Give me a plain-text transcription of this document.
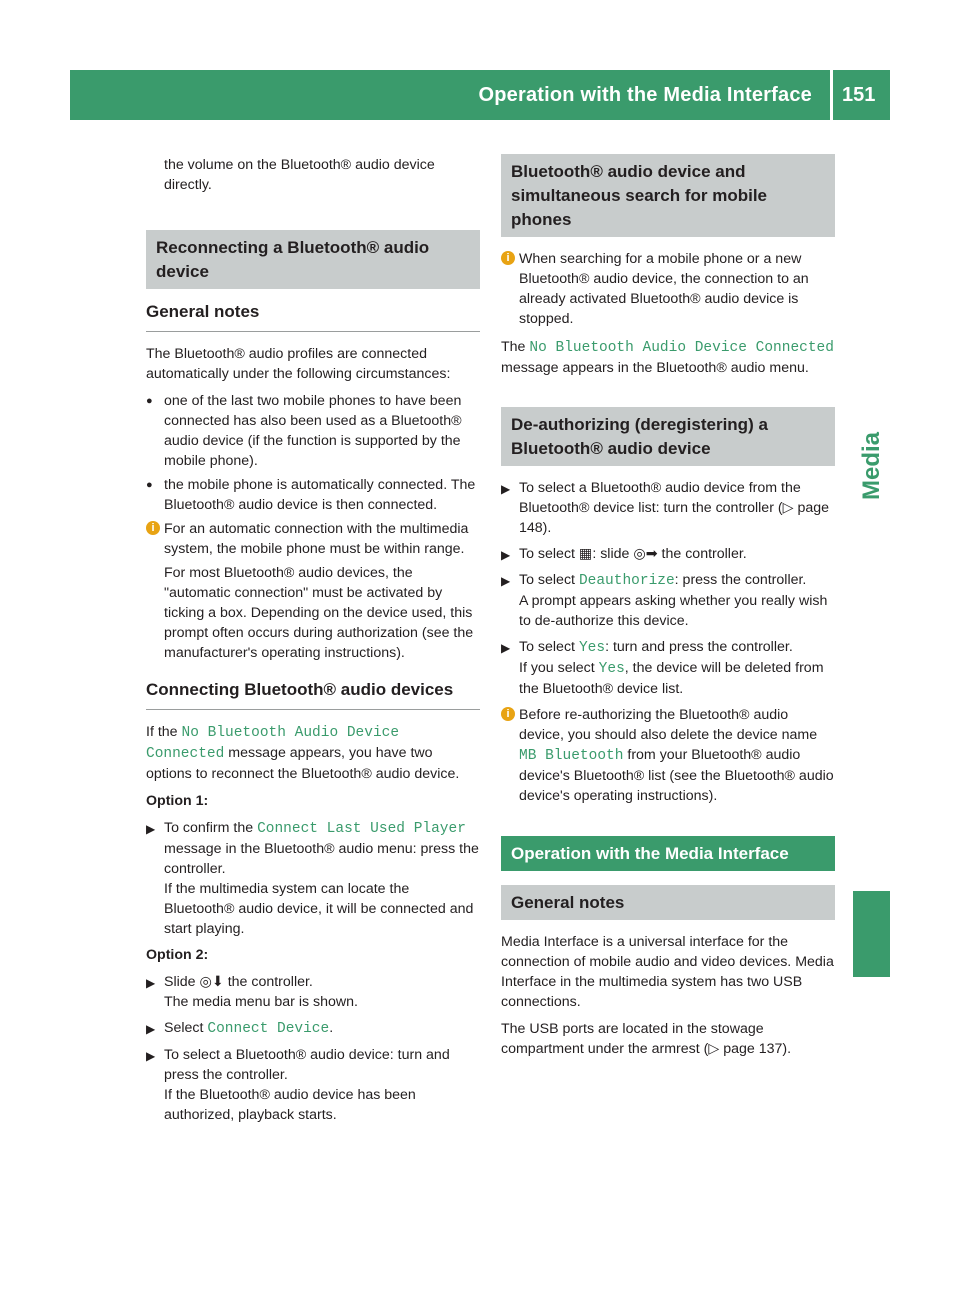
Operation with the Media Interface 151
Media

the volume on the Bluetooth® audio device directly.

Reconnecting a Bluetooth® audio device
General notes

The Bluetooth® audio profiles are connected automatically under the following circumstances:

● one of the last two mobile phones to have been connected has also been used as a Bluetooth® audio device (if the function is supported by the mobile phone).
● the mobile phone is automatically connected. The Bluetooth® audio device is then connected.
i For an automatic connection with the multimedia system, the mobile phone must be within range.
For most Bluetooth® audio devices, the "automatic connection" must be activated by ticking a box. Depending on the device used, this prompt often occurs during authorization (see the manufacturer's operating instructions).
Connecting Bluetooth® audio devices

If the No Bluetooth Audio Device Connected message appears, you have two options to reconnect the Bluetooth® audio device.

Option 1:

▶ To confirm the Connect Last Used Player message in the Bluetooth® audio menu: press the controller.
If the multimedia system can locate the Bluetooth® audio device, it will be connected and start playing.

Option 2:

▶ Slide ◎⬇ the controller.
The media menu bar is shown.
▶ Select Connect Device.
▶ To select a Bluetooth® audio device: turn and press the controller.
If the Bluetooth® audio device has been authorized, playback starts.
Bluetooth® audio device and simultaneous search for mobile phones
i When searching for a mobile phone or a new Bluetooth® audio device, the connection to an already activated Bluetooth® audio device is stopped.

The No Bluetooth Audio Device Connected message appears in the Bluetooth® audio menu.

De-authorizing (deregistering) a Bluetooth® audio device
▶ To select a Bluetooth® audio device from the Bluetooth® device list: turn the controller (▷ page 148).
▶ To select ▦: slide ◎➡ the controller.
▶ To select Deauthorize: press the controller.
A prompt appears asking whether you really wish to de-authorize this device.
▶ To select Yes: turn and press the controller.
If you select Yes, the device will be deleted from the Bluetooth® device list.
i Before re-authorizing the Bluetooth® audio device, you should also delete the device name MB Bluetooth from your Bluetooth® audio device's Bluetooth® list (see the Bluetooth® audio device's operating instructions).
Operation with the Media Interface
General notes

Media Interface is a universal interface for the connection of mobile audio and video devices. Media Interface in the multimedia system has two USB connections.

The USB ports are located in the stowage compartment under the armrest (▷ page 137).
